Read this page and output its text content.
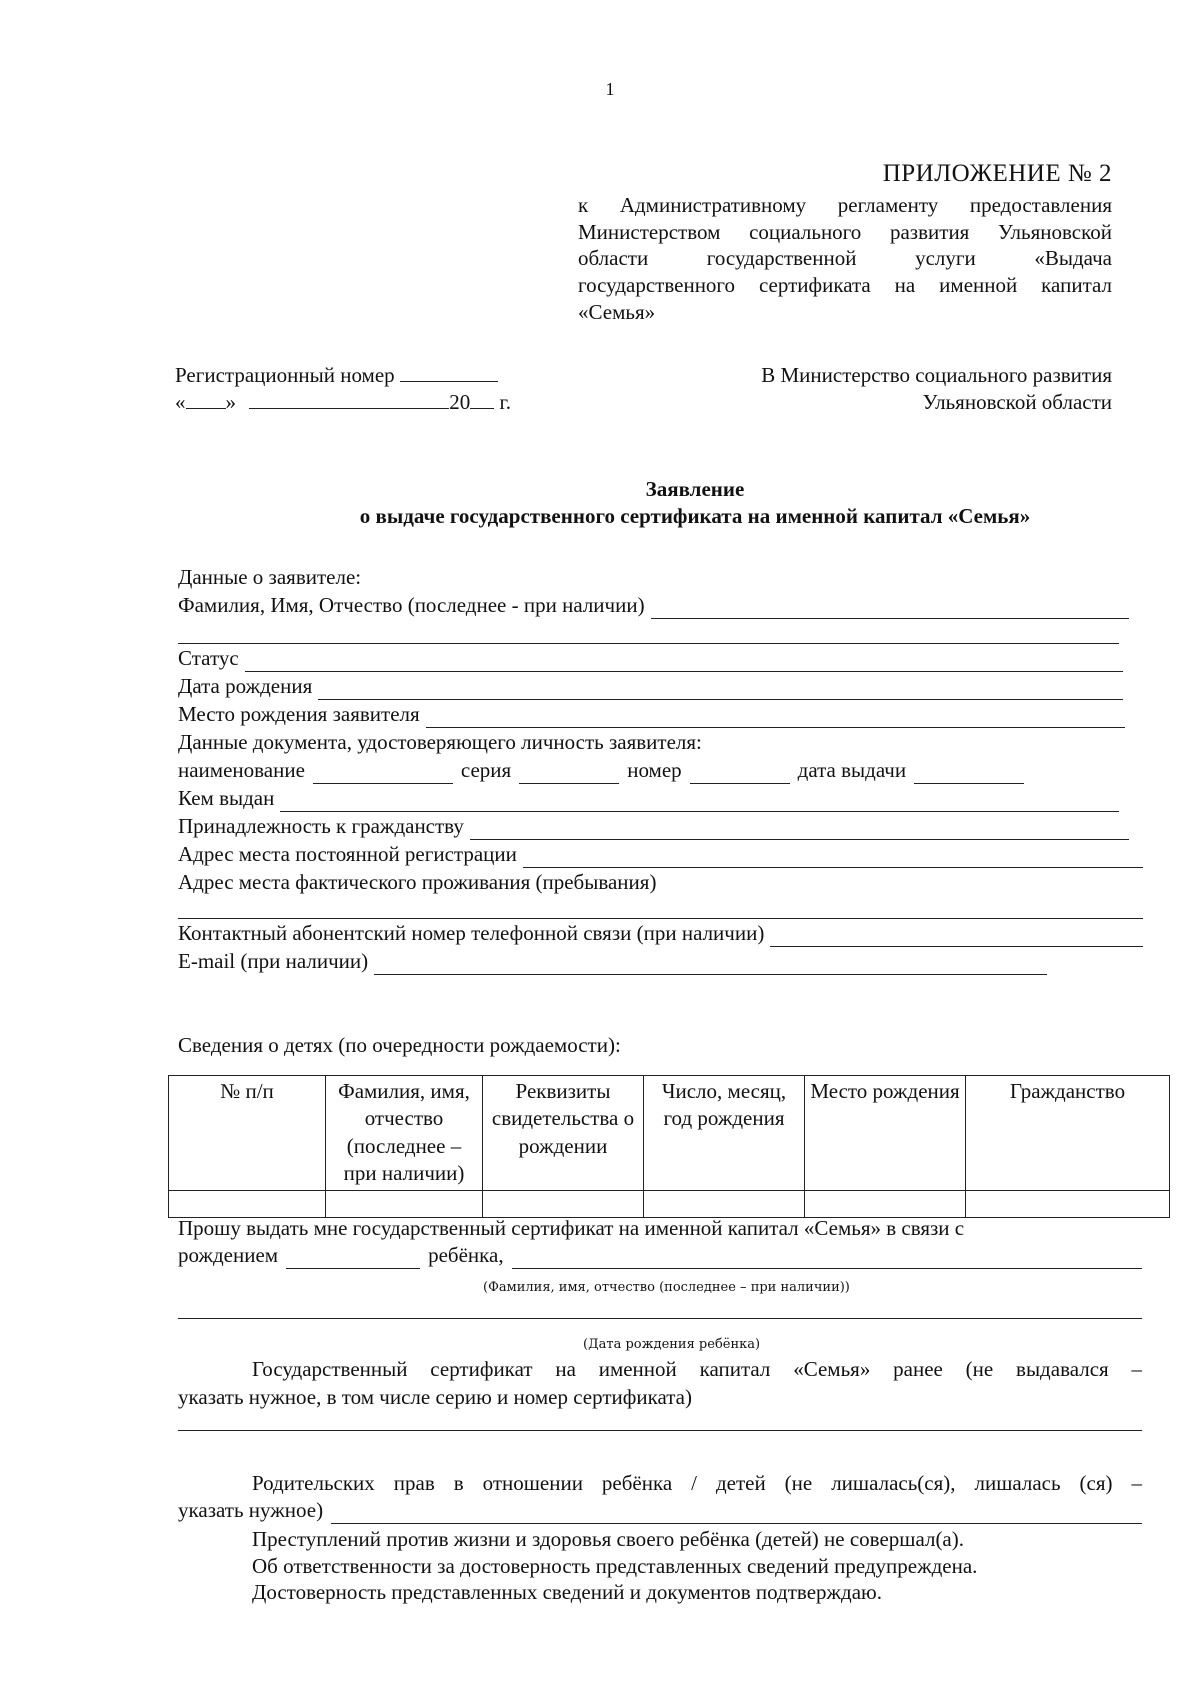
1
ПРИЛОЖЕНИЕ № 2
к Административному регламенту предоставления
Министерством социального развития Ульяновской
области государственной услуги «Выдача
государственного сертификата на именной капитал
«Семья»
Регистрационный номер
« »	20 г.
В Министерство социального развития
Ульяновской области
Заявление
о выдаче государственного сертификата на именной капитал «Семья»
Данные о заявителе:
Фамилия, Имя, Отчество (последнее - при наличии)
Статус
Дата рождения
Место рождения заявителя
Данные документа, удостоверяющего личность заявителя:
наименование	серия	номер	дата выдачи
Кем выдан
Принадлежность к гражданству
Адрес места постоянной регистрации
Адрес места фактического проживания (пребывания)
Контактный абонентский номер телефонной связи (при наличии)
E-mail (при наличии)
Сведения о детях (по очередности рождаемости):
№ п/п	Фамилия, имя, отчество (последнее – при наличии)	Реквизиты свидетельства о рождении	Число, месяц, год рождения	Место рождения	Гражданство

Прошу выдать мне государственный сертификат на именной капитал «Семья» в связи с
рождением	ребёнка,
(Фамилия, имя, отчество (последнее – при наличии))
(Дата рождения ребёнка)
Государственный сертификат на именной капитал «Семья» ранее (не выдавался –
указать нужное, в том числе серию и номер сертификата)
Родительских прав в отношении ребёнка / детей (не лишалась(ся), лишалась (ся) –
указать нужное)
Преступлений против жизни и здоровья своего ребёнка (детей) не совершал(а).
Об ответственности за достоверность представленных сведений предупреждена.
Достоверность представленных сведений и документов подтверждаю.
